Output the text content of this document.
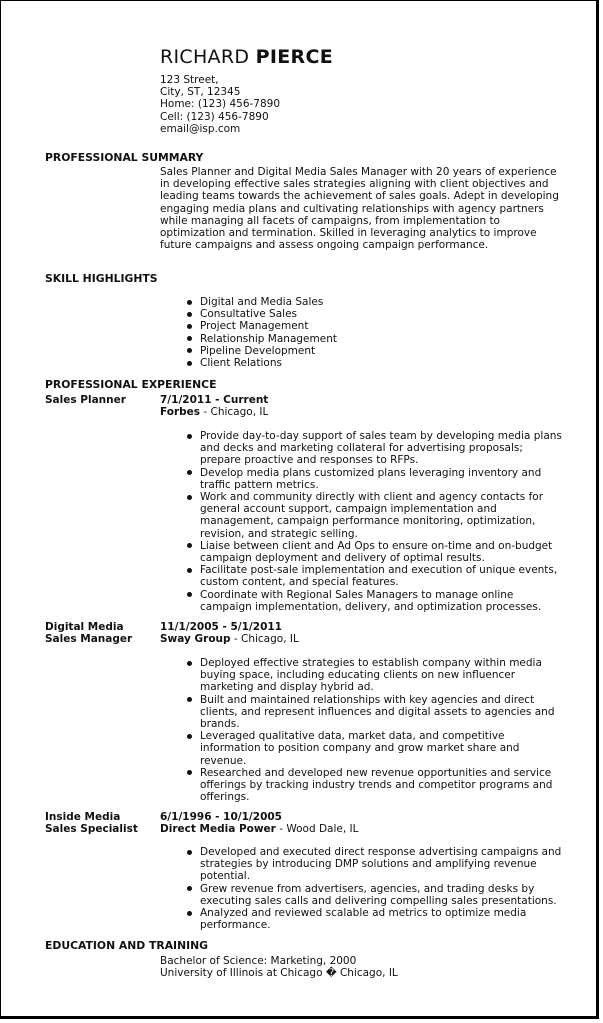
RICHARD PIERCE
123 Street,
City, ST, 12345
Home: (123) 456-7890
Cell: (123) 456-7890
email@isp.com
PROFESSIONAL SUMMARY
Sales Planner and Digital Media Sales Manager with 20 years of experience in developing effective sales strategies aligning with client objectives and leading teams towards the achievement of sales goals. Adept in developing engaging media plans and cultivating relationships with agency partners while managing all facets of campaigns, from implementation to optimization and termination. Skilled in leveraging analytics to improve future campaigns and assess ongoing campaign performance.
SKILL HIGHLIGHTS
Digital and Media Sales
Consultative Sales
Project Management
Relationship Management
Pipeline Development
Client Relations
PROFESSIONAL EXPERIENCE
Sales Planner	7/1/2011 - Current
Forbes - Chicago, IL
Provide day-to-day support of sales team by developing media plans and decks and marketing collateral for advertising proposals; prepare proactive and responses to RFPs.
Develop media plans customized plans leveraging inventory and traffic pattern metrics.
Work and community directly with client and agency contacts for general account support, campaign implementation and management, campaign performance monitoring, optimization, revision, and strategic selling.
Liaise between client and Ad Ops to ensure on-time and on-budget campaign deployment and delivery of optimal results.
Facilitate post-sale implementation and execution of unique events, custom content, and special features.
Coordinate with Regional Sales Managers to manage online campaign implementation, delivery, and optimization processes.
Digital Media Sales Manager
11/1/2005 - 5/1/2011
Sway Group - Chicago, IL
Deployed effective strategies to establish company within media buying space, including educating clients on new influencer marketing and display hybrid ad.
Built and maintained relationships with key agencies and direct clients, and represent influences and digital assets to agencies and brands.
Leveraged qualitative data, market data, and competitive information to position company and grow market share and revenue.
Researched and developed new revenue opportunities and service offerings by tracking industry trends and competitor programs and offerings.
Inside Media Sales Specialist
6/1/1996 - 10/1/2005
Direct Media Power - Wood Dale, IL
Developed and executed direct response advertising campaigns and strategies by introducing DMP solutions and amplifying revenue potential.
Grew revenue from advertisers, agencies, and trading desks by executing sales calls and delivering compelling sales presentations.
Analyzed and reviewed scalable ad metrics to optimize media performance.
EDUCATION AND TRAINING
Bachelor of Science: Marketing, 2000
University of Illinois at Chicago � Chicago, IL
